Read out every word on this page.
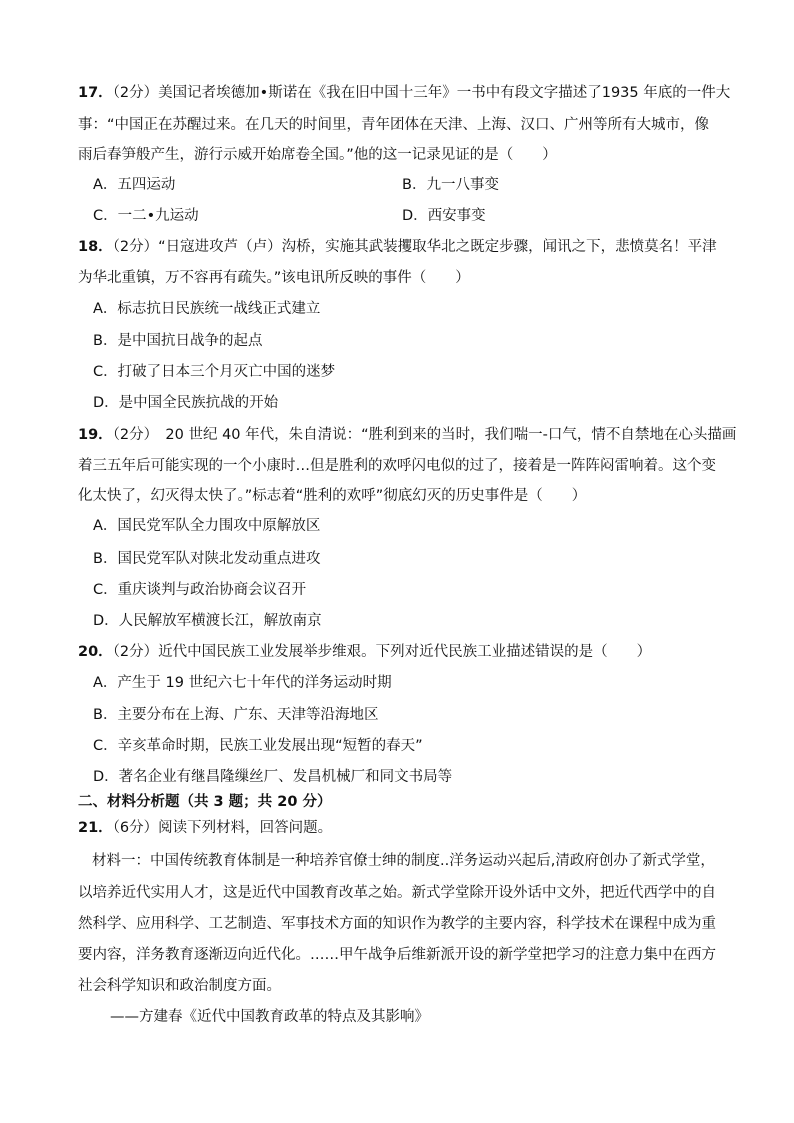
17．（2分）美国记者埃德加•斯诺在《我在旧中国十三年》一书中有段文字描述了1935 年底的一件大
事：“中国正在苏醒过来。在几天的时间里，青年团体在天津、上海、汉口、广州等所有大城市，像
雨后春笋般产生，游行示威开始席卷全国。”他的这一记录见证的是（　　）
A．五四运动	B．九一八事变
C．一二•九运动	D．西安事变
18．（2分）“日寇进攻芦（卢）沟桥，实施其武装攫取华北之既定步骤，闻讯之下，悲愤莫名！平津
为华北重镇，万不容再有疏失。”该电讯所反映的事件（　　）
A．标志抗日民族统一战线正式建立
B．是中国抗日战争的起点
C．打破了日本三个月灭亡中国的迷梦
D．是中国全民族抗战的开始
19．（2分）　20 世纪 40 年代，朱自清说：“胜利到来的当时，我们喘一-口气，情不自禁地在心头描画
着三五年后可能实现的一个小康时…但是胜利的欢呼闪电似的过了，接着是一阵阵闷雷响着。这个变
化太快了，幻灭得太快了。”标志着“胜利的欢呼”彻底幻灭的历史事件是（　　）
A．国民党军队全力围攻中原解放区
B．国民党军队对陕北发动重点进攻
C．重庆谈判与政治协商会议召开
D．人民解放军横渡长江，解放南京
20．（2分）近代中国民族工业发展举步维艰。下列对近代民族工业描述错误的是（　　）
A．产生于 19 世纪六七十年代的洋务运动时期
B．主要分布在上海、广东、天津等沿海地区
C．辛亥革命时期，民族工业发展出现“短暂的春天”
D．著名企业有继昌隆缫丝厂、发昌机械厂和同文书局等
二、材料分析题（共 3 题；共 20 分）
21．（6分）阅读下列材料，回答问题。
材料一：中国传统教育体制是一种培养官僚士绅的制度..洋务运动兴起后,清政府创办了新式学堂，
以培养近代实用人才，这是近代中国教育改革之始。新式学堂除开设外话中文外，把近代西学中的自
然科学、应用科学、工艺制造、军事技术方面的知识作为教学的主要内容，科学技术在课程中成为重
要内容，洋务教育逐渐迈向近代化。……甲午战争后维新派开设的新学堂把学习的注意力集中在西方
社会科学知识和政治制度方面。
——方建春《近代中国教育政革的特点及其影响》
